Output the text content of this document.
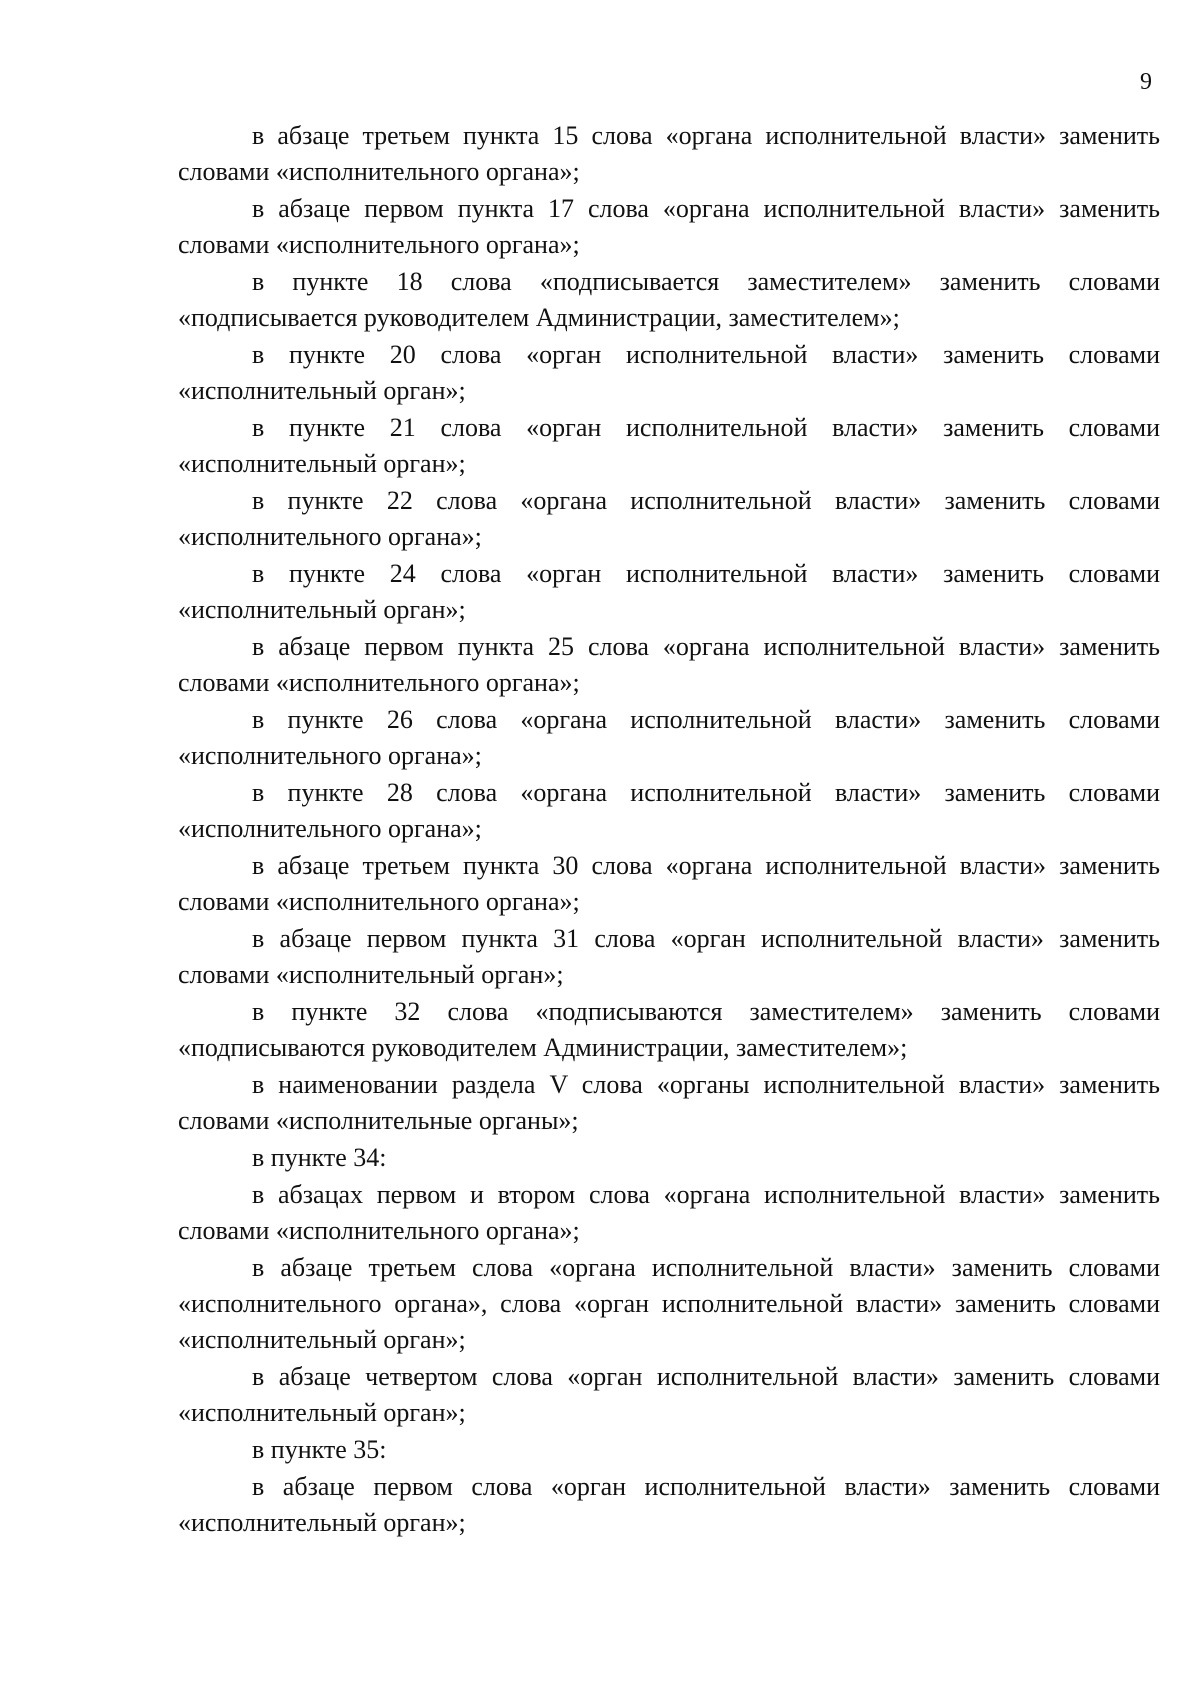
9

в абзаце третьем пункта 15 слова «органа исполнительной власти» заменить словами «исполнительного органа»;

в абзаце первом пункта 17 слова «органа исполнительной власти» заменить словами «исполнительного органа»;

в пункте 18 слова «подписывается заместителем» заменить словами «подписывается руководителем Администрации, заместителем»;

в пункте 20 слова «орган исполнительной власти» заменить словами «исполнительный орган»;

в пункте 21 слова «орган исполнительной власти» заменить словами «исполнительный орган»;

в пункте 22 слова «органа исполнительной власти» заменить словами «исполнительного органа»;

в пункте 24 слова «орган исполнительной власти» заменить словами «исполнительный орган»;

в абзаце первом пункта 25 слова «органа исполнительной власти» заменить словами «исполнительного органа»;

в пункте 26 слова «органа исполнительной власти» заменить словами «исполнительного органа»;

в пункте 28 слова «органа исполнительной власти» заменить словами «исполнительного органа»;

в абзаце третьем пункта 30 слова «органа исполнительной власти» заменить словами «исполнительного органа»;

в абзаце первом пункта 31 слова «орган исполнительной власти» заменить словами «исполнительный орган»;

в пункте 32 слова «подписываются заместителем» заменить словами «подписываются руководителем Администрации, заместителем»;

в наименовании раздела V слова «органы исполнительной власти» заменить словами «исполнительные органы»;

в пункте 34:

в абзацах первом и втором слова «органа исполнительной власти» заменить словами «исполнительного органа»;

в абзаце третьем слова «органа исполнительной власти» заменить словами «исполнительного органа», слова «орган исполнительной власти» заменить словами «исполнительный орган»;

в абзаце четвертом слова «орган исполнительной власти» заменить словами «исполнительный орган»;

в пункте 35:

в абзаце первом слова «орган исполнительной власти» заменить словами «исполнительный орган»;
